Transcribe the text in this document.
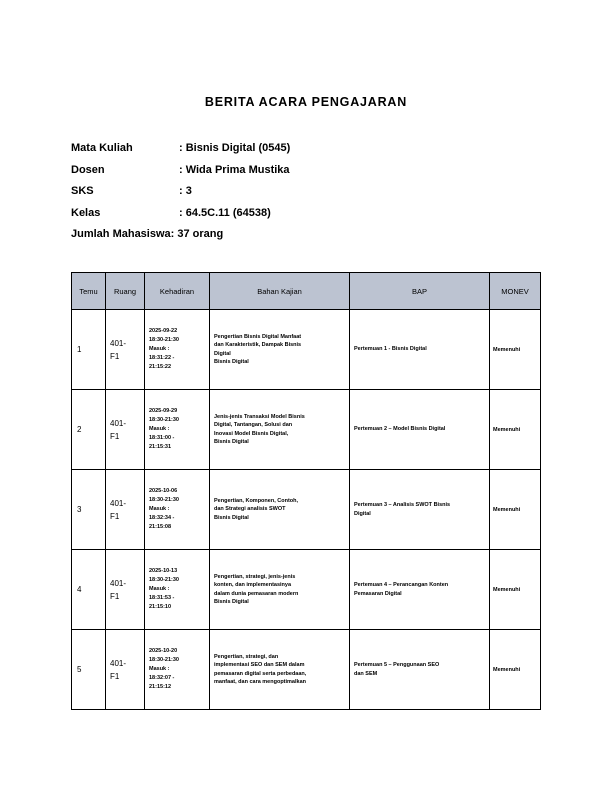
BERITA ACARA PENGAJARAN
Mata Kuliah	: Bisnis Digital (0545)
Dosen	: Wida Prima Mustika
SKS	: 3
Kelas	: 64.5C.11 (64538)
Jumlah Mahasiswa: 37 orang
Temu	Ruang	Kehadiran	Bahan Kajian	BAP	MONEV
1	401-
F1	2025-09-22
18:30-21:30
Masuk :
18:31:22 -
21:15:22	Pengertian Bisnis Digital Manfaat
dan Karakteristik, Dampak Bisnis
Digital
Bisnis Digital	Pertemuan 1 - Bisnis Digital	Memenuhi
2	401-
F1	2025-09-29
18:30-21:30
Masuk :
18:31:00 -
21:15:31	Jenis-jenis Transaksi Model Bisnis
Digital, Tantangan, Solusi dan
Inovasi Model Bisnis Digital,
Bisnis Digital	Pertemuan 2 – Model Bisnis Digital	Memenuhi
3	401-
F1	2025-10-06
18:30-21:30
Masuk :
18:32:34 -
21:15:08	Pengertian, Komponen, Contoh,
dan Strategi analisis SWOT
Bisnis Digital	Pertemuan 3 – Analisis SWOT Bisnis
Digital	Memenuhi
4	401-
F1	2025-10-13
18:30-21:30
Masuk :
18:31:53 -
21:15:10	Pengertian, strategi, jenis-jenis
konten, dan implementasinya
dalam dunia pemasaran modern
Bisnis Digital	Pertemuan 4 – Perancangan Konten
Pemasaran Digital	Memenuhi
5	401-
F1	2025-10-20
18:30-21:30
Masuk :
18:32:07 -
21:15:12	Pengertian, strategi, dan
implementasi SEO dan SEM dalam
pemasaran digital serta perbedaan,
manfaat, dan cara mengoptimalkan	Pertemuan 5 – Penggunaan SEO
dan SEM	Memenuhi
